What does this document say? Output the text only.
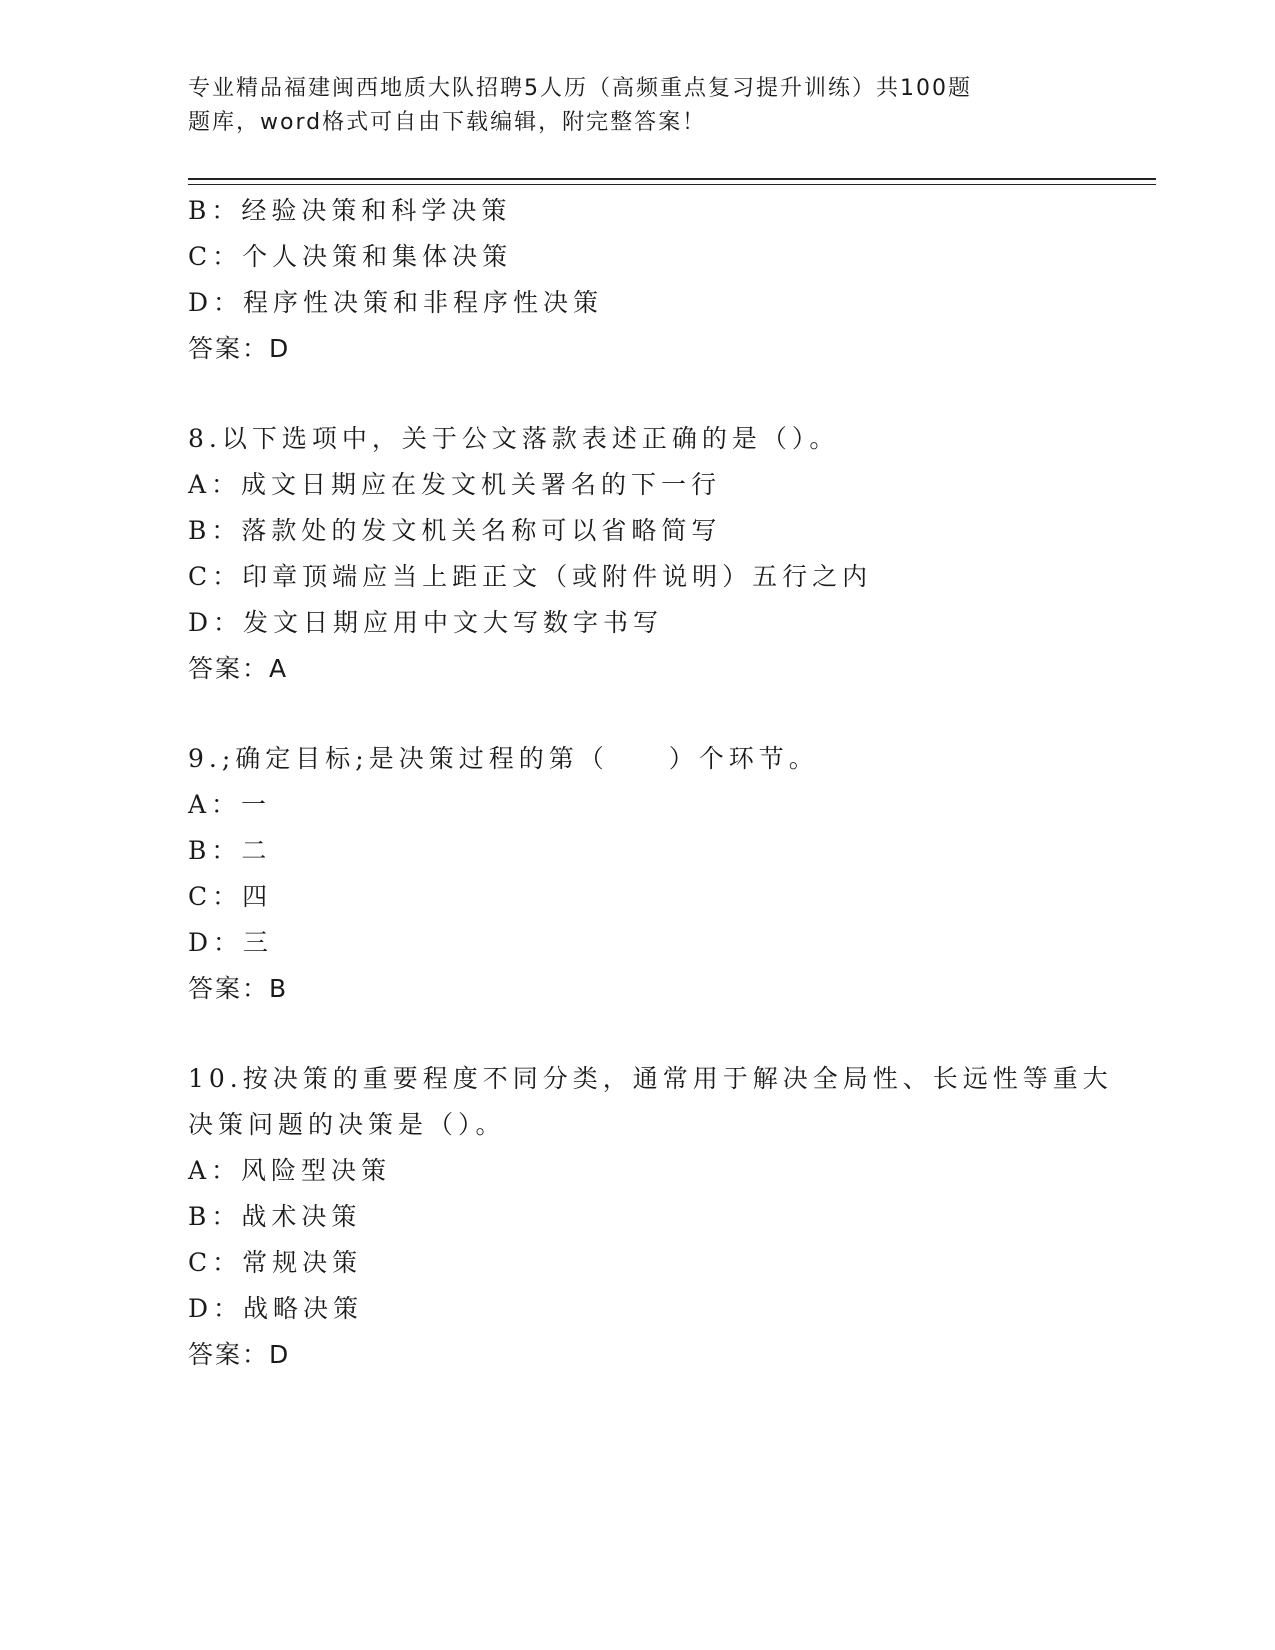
专业精品福建闽西地质大队招聘5人历（高频重点复习提升训练）共100题
题库，word格式可自由下载编辑，附完整答案！
B：经验决策和科学决策
C：个人决策和集体决策
D：程序性决策和非程序性决策
答案：D
8.以下选项中，关于公文落款表述正确的是（）。
A：成文日期应在发文机关署名的下一行
B：落款处的发文机关名称可以省略简写
C：印章顶端应当上距正文（或附件说明）五行之内
D：发文日期应用中文大写数字书写
答案：A
9.;确定目标;是决策过程的第（　　）个环节。
A：一
B：二
C：四
D：三
答案：B
10.按决策的重要程度不同分类，通常用于解决全局性、长远性等重大
决策问题的决策是（）。
A：风险型决策
B：战术决策
C：常规决策
D：战略决策
答案：D
